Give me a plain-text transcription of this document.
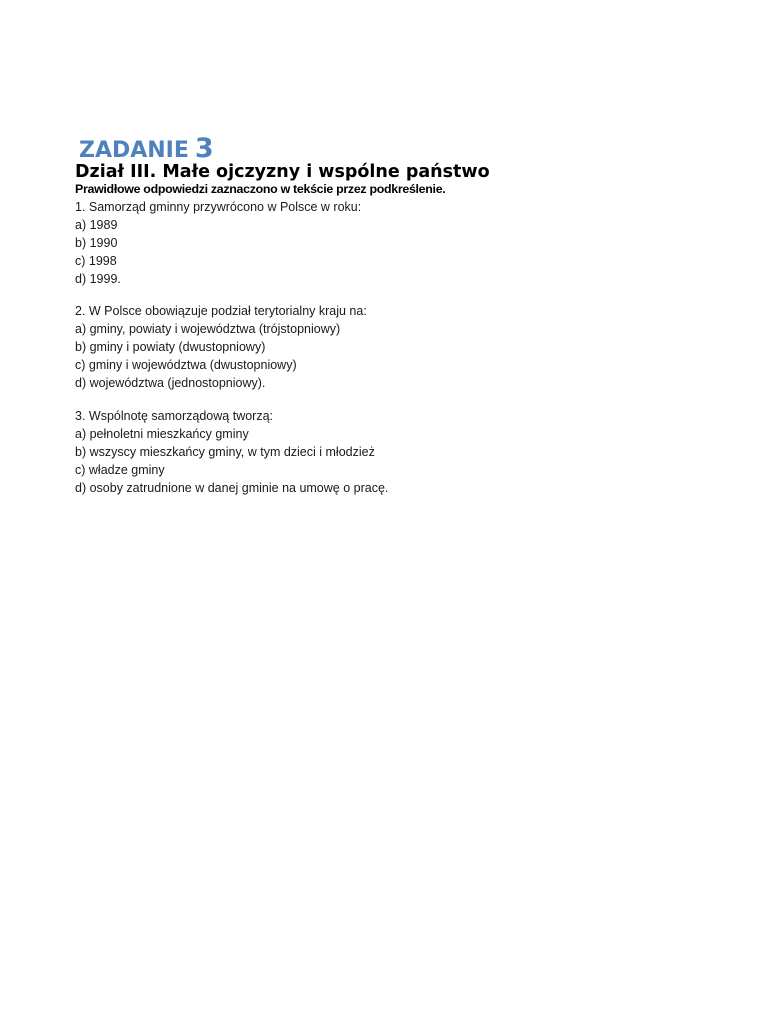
ZADANIE 3
Dział III. Małe ojczyzny i wspólne państwo

Prawidłowe odpowiedzi zaznaczono w tekście przez podkreślenie.

1. Samorząd gminny przywrócono w Polsce w roku:
a) 1989
b) 1990
c) 1998
d) 1999.
2. W Polsce obowiązuje podział terytorialny kraju na:
a) gminy, powiaty i województwa (trójstopniowy)
b) gminy i powiaty (dwustopniowy)
c) gminy i województwa (dwustopniowy)
d) województwa (jednostopniowy).
3. Wspólnotę samorządową tworzą:
a) pełnoletni mieszkańcy gminy
b) wszyscy mieszkańcy gminy, w tym dzieci i młodzież
c) władze gminy
d) osoby zatrudnione w danej gminie na umowę o pracę.
